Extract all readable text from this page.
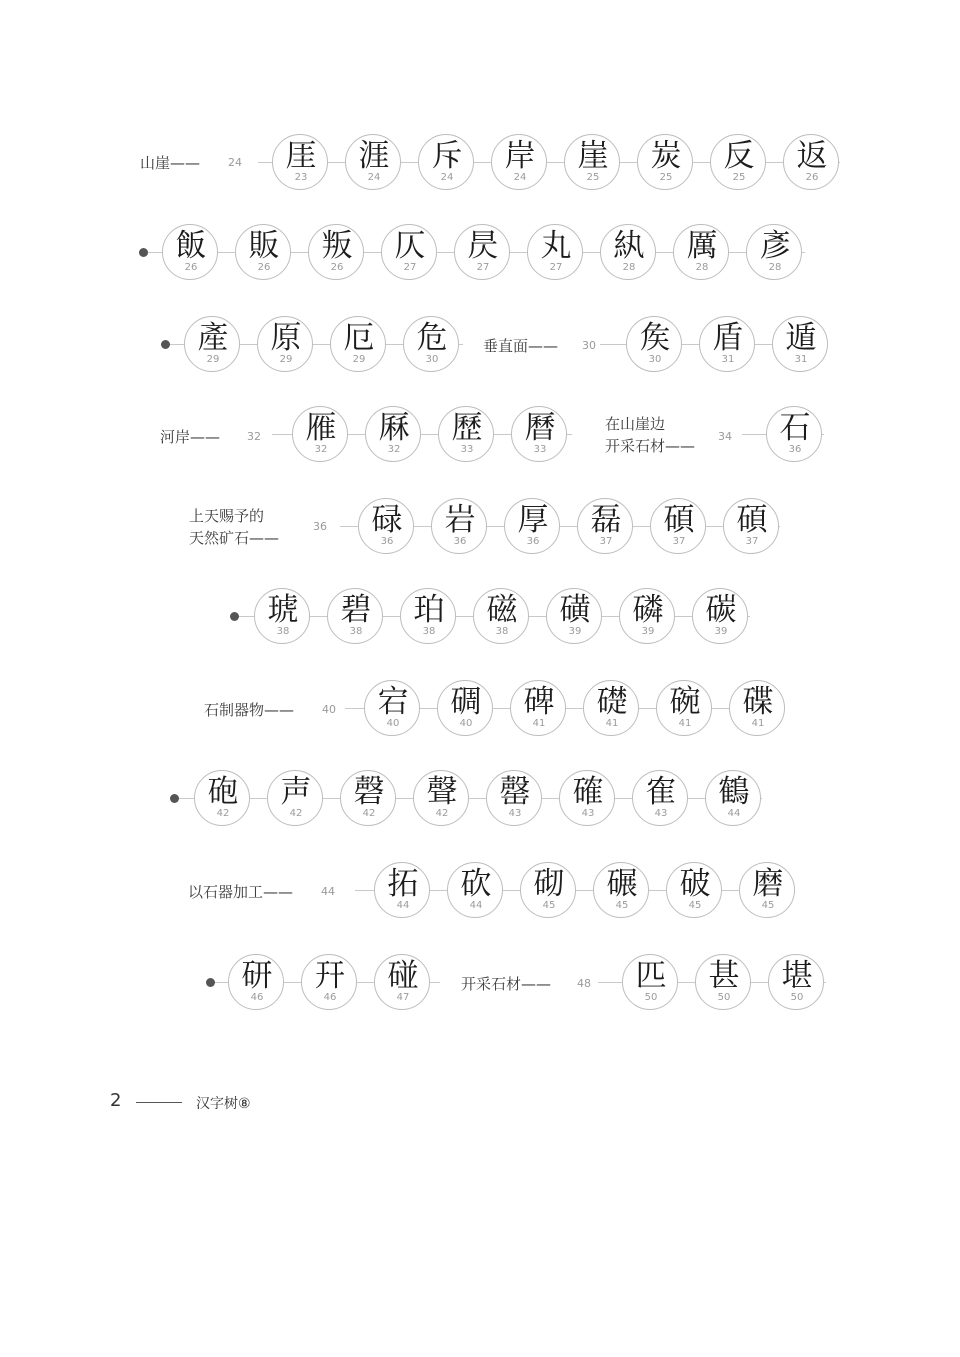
山崖——	24	厓
23
涯
24
斥
24
岸
24
崖
25
炭
25
反
25
返
26
飯
26
販
26
叛
26
仄
27
昃
27
丸
27
紈
28
厲
28
彥
28
產
29
原
29
厄
29
危
30
垂直面—— 30	矦
30
盾
31
遁
31
河岸—— 32	雁
32
厤
32
歷
33
曆
33
在山崖边
开采石材——
34	石
36
上天赐予的
天然矿石——
36	碌
36
岩
36
厚
36
磊
37
碩
37
碩
37
琥
38
碧
38
珀
38
磁
38
磺
39
磷
39
碳
39
石制器物——	40	宕
40
碉
40
碑
41
礎
41
碗
41
碟
41
砲
42
声
42
磬
42
聲
42
罄
43
確
43
隺
43
鶴
44
以石器加工——	44	拓
44
砍
44
砌
45
碾
45
破
45
磨
45
研
46
幵
46
碰
47
开采石材—— 48	匹
50
甚
50
堪
50
2	汉字树⑧
